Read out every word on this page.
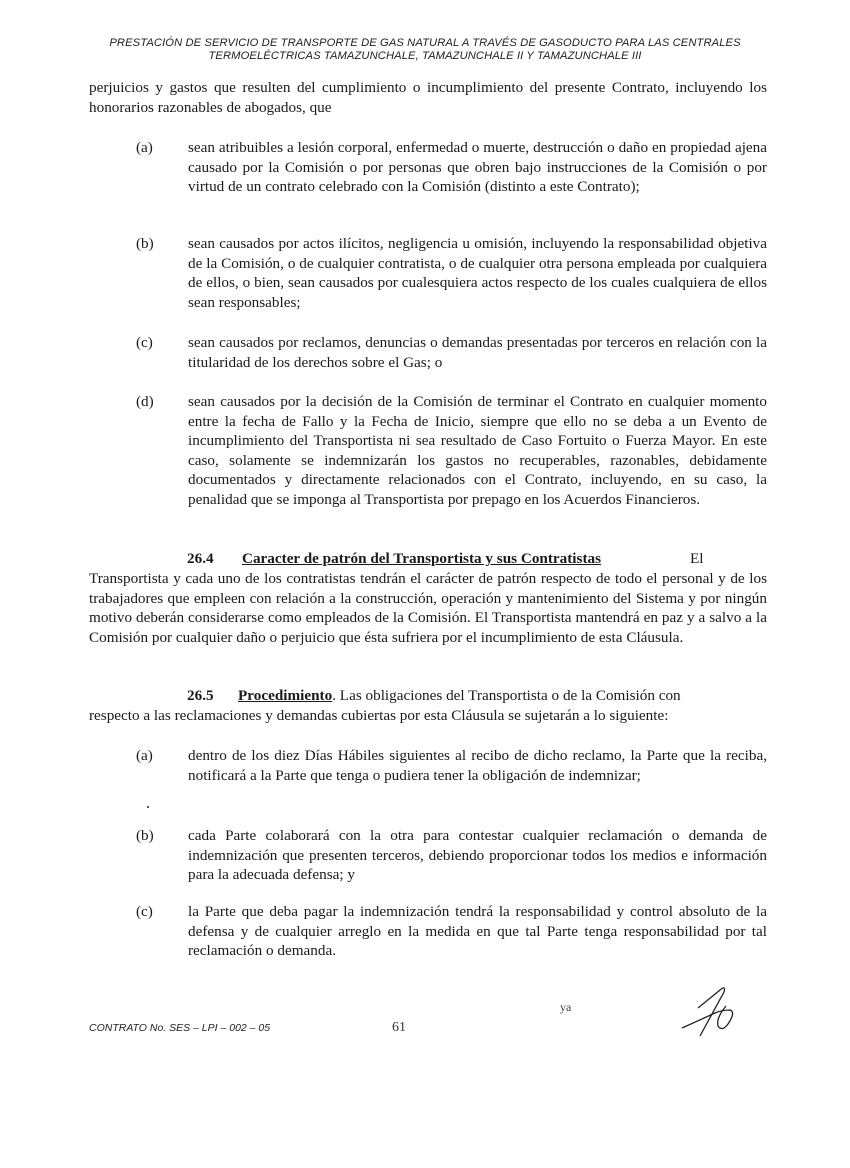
PRESTACIÓN DE SERVICIO DE TRANSPORTE DE GAS NATURAL A TRAVÉS DE GASODUCTO PARA LAS CENTRALES
TERMOELÉCTRICAS TAMAZUNCHALE, TAMAZUNCHALE II Y TAMAZUNCHALE III
perjuicios y gastos que resulten del cumplimiento o incumplimiento del presente Contrato, incluyendo los honorarios razonables de abogados, que
(a) sean atribuibles a lesión corporal, enfermedad o muerte, destrucción o daño en propiedad ajena causado por la Comisión o por personas que obren bajo instrucciones de la Comisión o por virtud de un contrato celebrado con la Comisión (distinto a este Contrato);
(b) sean causados por actos ilícitos, negligencia u omisión, incluyendo la responsabilidad objetiva de la Comisión, o de cualquier contratista, o de cualquier otra persona empleada por cualquiera de ellos, o bien, sean causados por cualesquiera actos respecto de los cuales cualquiera de ellos sean responsables;
(c) sean causados por reclamos, denuncias o demandas presentadas por terceros en relación con la titularidad de los derechos sobre el Gas; o
(d) sean causados por la decisión de la Comisión de terminar el Contrato en cualquier momento entre la fecha de Fallo y la Fecha de Inicio, siempre que ello no se deba a un Evento de incumplimiento del Transportista ni sea resultado de Caso Fortuito o Fuerza Mayor. En este caso, solamente se indemnizarán los gastos no recuperables, razonables, debidamente documentados y directamente relacionados con el Contrato, incluyendo, en su caso, la penalidad que se imponga al Transportista por prepago en los Acuerdos Financieros.
26.4 Caracter de patrón del Transportista y sus Contratistas	El
Transportista y cada uno de los contratistas tendrán el carácter de patrón respecto de todo el personal y de los trabajadores que empleen con relación a la construcción, operación y mantenimiento del Sistema y por ningún motivo deberán considerarse como empleados de la Comisión. El Transportista mantendrá en paz y a salvo a la Comisión por cualquier daño o perjuicio que ésta sufriera por el incumplimiento de esta Cláusula.
26.5 Procedimiento. Las obligaciones del Transportista o de la Comisión con
respecto a las reclamaciones y demandas cubiertas por esta Cláusula se sujetarán a lo siguiente:
(a) dentro de los diez Días Hábiles siguientes al recibo de dicho reclamo, la Parte que la reciba, notificará a la Parte que tenga o pudiera tener la obligación de indemnizar;
(b) cada Parte colaborará con la otra para contestar cualquier reclamación o demanda de indemnización que presenten terceros, debiendo proporcionar todos los medios e información para la adecuada defensa; y
(c) la Parte que deba pagar la indemnización tendrá la responsabilidad y control absoluto de la defensa y de cualquier arreglo en la medida en que tal Parte tenga responsabilidad por tal reclamación o demanda.
CONTRATO No. SES – LPI – 002 – 05	61
ya
